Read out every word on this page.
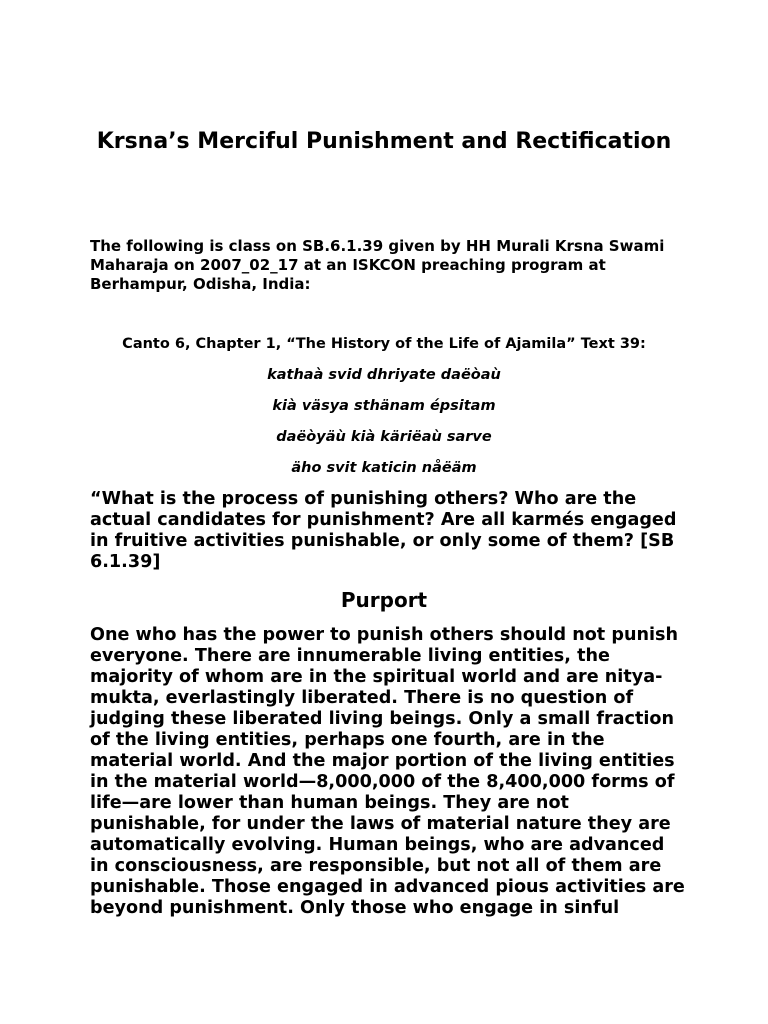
Krsna’s Merciful Punishment and Rectification

The following is class on SB.6.1.39 given by HH Murali Krsna Swami Maharaja on 2007_02_17 at an ISKCON preaching program at Berhampur, Odisha, India:

Canto 6, Chapter 1, “The History of the Life of Ajamila” Text 39:

kathaà svid dhriyate daëòaù

kià väsya sthänam épsitam

daëòyäù kià käriëaù sarve

äho svit katicin nåëäm

“What is the process of punishing others? Who are the actual candidates for punishment? Are all karmés engaged in fruitive activities punishable, or only some of them? [SB 6.1.39]

Purport

One who has the power to punish others should not punish everyone. There are innumerable living entities, the majority of whom are in the spiritual world and are nitya-mukta, everlastingly liberated. There is no question of judging these liberated living beings. Only a small fraction of the living entities, perhaps one fourth, are in the material world. And the major portion of the living entities in the material world—8,000,000 of the 8,400,000 forms of life—are lower than human beings. They are not punishable, for under the laws of material nature they are automatically evolving. Human beings, who are advanced in consciousness, are responsible, but not all of them are punishable. Those engaged in advanced pious activities are beyond punishment. Only those who engage in sinful
